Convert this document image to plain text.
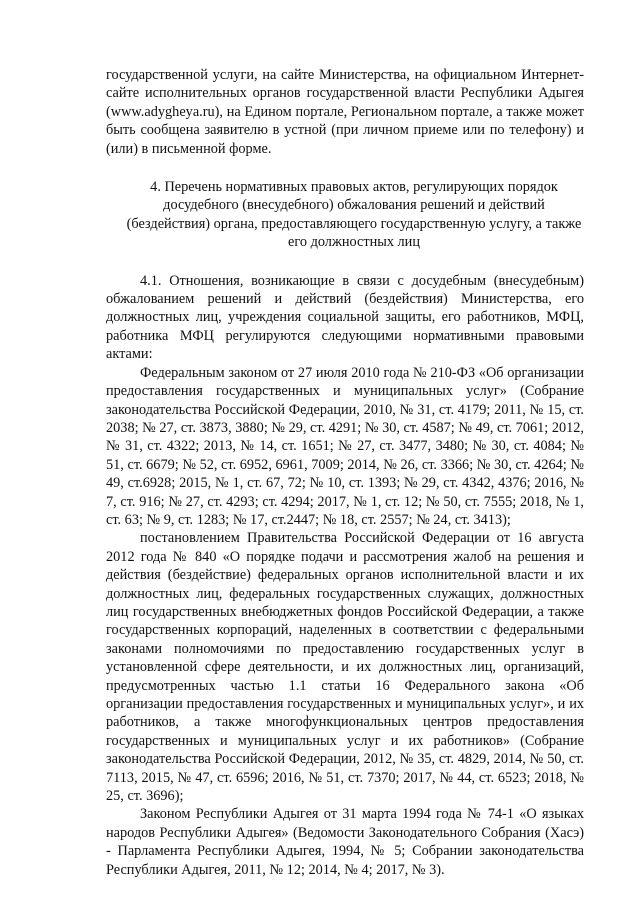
государственной услуги, на сайте Министерства, на официальном Интернет-сайте исполнительных органов государственной власти Республики Адыгея (www.adygheya.ru), на Едином портале, Региональном портале, а также может быть сообщена заявителю в устной (при личном приеме или по телефону) и (или) в письменной форме.

4. Перечень нормативных правовых актов, регулирующих порядок
досудебного (внесудебного) обжалования решений и действий
(бездействия) органа, предоставляющего государственную услугу, а также
его должностных лиц

4.1. Отношения, возникающие в связи с досудебным (внесудебным) обжалованием решений и действий (бездействия) Министерства, его должностных лиц, учреждения социальной защиты, его работников, МФЦ, работника МФЦ регулируются следующими нормативными правовыми актами:

Федеральным законом от 27 июля 2010 года № 210-ФЗ «Об организации предоставления государственных и муниципальных услуг» (Собрание законодательства Российской Федерации, 2010, № 31, ст. 4179; 2011, № 15, ст. 2038; № 27, ст. 3873, 3880; № 29, ст. 4291; № 30, ст. 4587; № 49, ст. 7061; 2012, № 31, ст. 4322; 2013, № 14, ст. 1651; № 27, ст. 3477, 3480; № 30, ст. 4084; № 51, ст. 6679; № 52, ст. 6952, 6961, 7009; 2014, № 26, ст. 3366; № 30, ст. 4264; № 49, ст.6928; 2015, № 1, ст. 67, 72; № 10, ст. 1393; № 29, ст. 4342, 4376; 2016, № 7, ст. 916; № 27, ст. 4293; ст. 4294; 2017, № 1, ст. 12; № 50, ст. 7555; 2018, № 1, ст. 63; № 9, ст. 1283; № 17, ст.2447; № 18, ст. 2557; № 24, ст. 3413);

постановлением Правительства Российской Федерации от 16 августа 2012 года № 840 «О порядке подачи и рассмотрения жалоб на решения и действия (бездействие) федеральных органов исполнительной власти и их должностных лиц, федеральных государственных служащих, должностных лиц государственных внебюджетных фондов Российской Федерации, а также государственных корпораций, наделенных в соответствии с федеральными законами полномочиями по предоставлению государственных услуг в установленной сфере деятельности, и их должностных лиц, организаций, предусмотренных частью 1.1 статьи 16 Федерального закона «Об организации предоставления государственных и муниципальных услуг», и их работников, а также многофункциональных центров предоставления государственных и муниципальных услуг и их работников» (Собрание законодательства Российской Федерации, 2012, № 35, ст. 4829, 2014, № 50, ст. 7113, 2015, № 47, ст. 6596; 2016, № 51, ст. 7370; 2017, № 44, ст. 6523; 2018, № 25, ст. 3696);

Законом Республики Адыгея от 31 марта 1994 года № 74-1 «О языках народов Республики Адыгея» (Ведомости Законодательного Собрания (Хасэ) - Парламента Республики Адыгея, 1994, № 5; Собрании законодательства Республики Адыгея, 2011, № 12; 2014, № 4; 2017, № 3).
